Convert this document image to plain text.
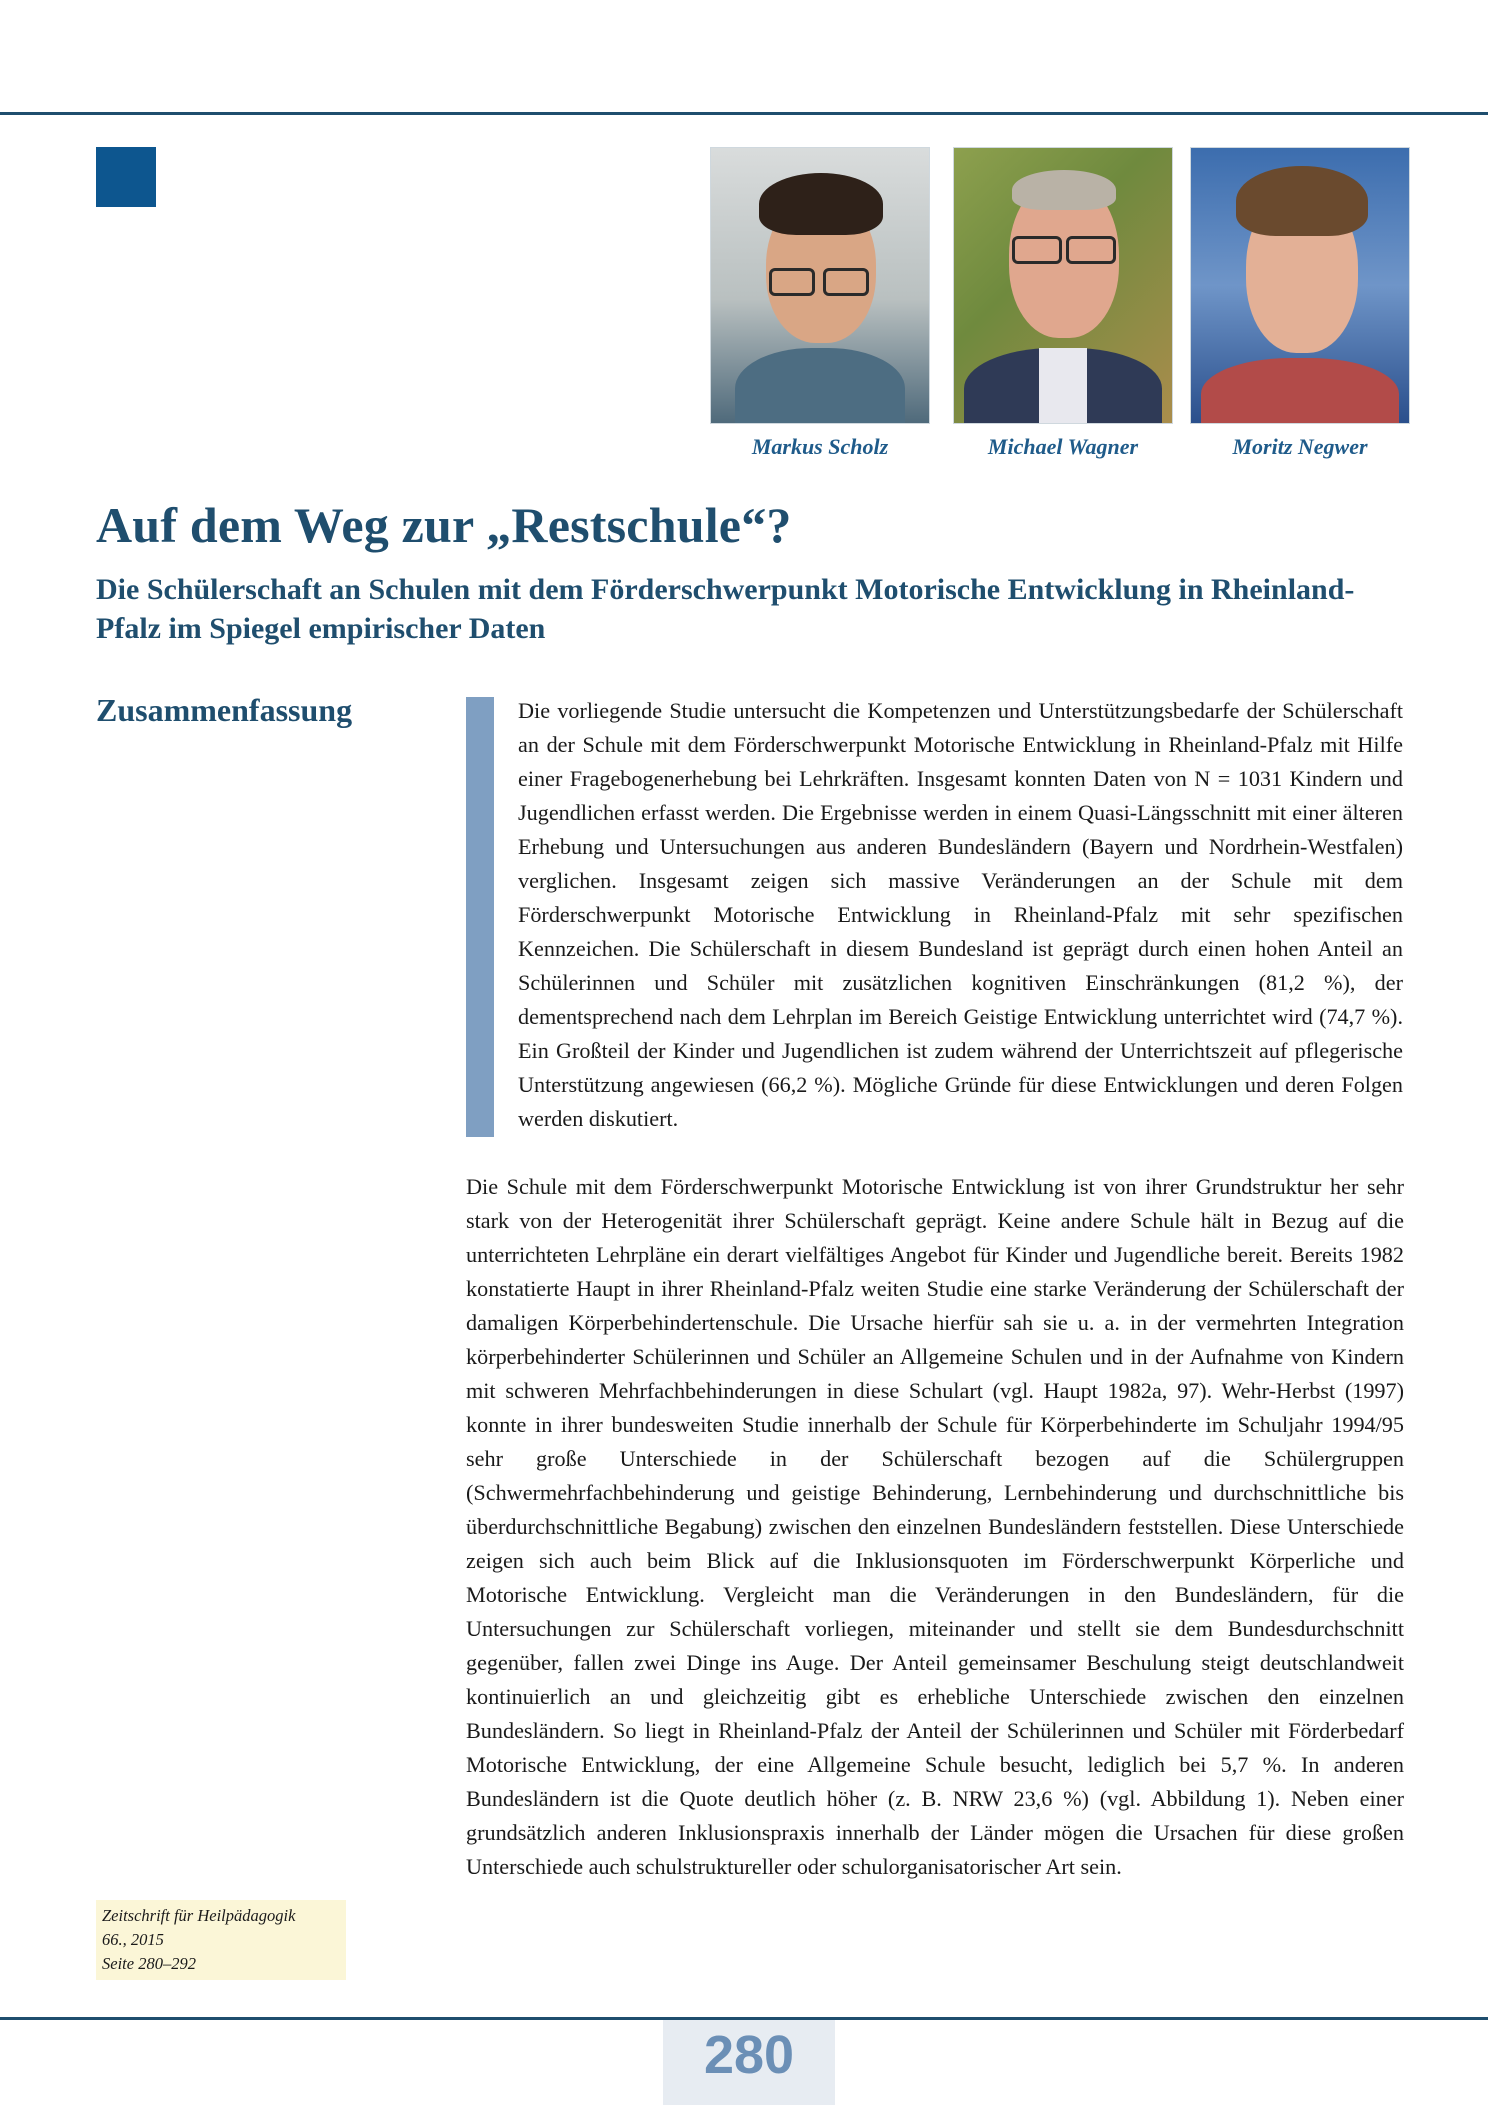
Markus Scholz	Michael Wagner	Moritz Negwer
Auf dem Weg zur „Restschule“?
Die Schülerschaft an Schulen mit dem Förderschwerpunkt Motorische Entwicklung in Rheinland-Pfalz im Spiegel empirischer Daten
Zusammenfassung	Die vorliegende Studie untersucht die Kompetenzen und Unterstützungsbedarfe der Schülerschaft an der Schule mit dem Förderschwerpunkt Motorische Entwicklung in Rheinland-Pfalz mit Hilfe einer Fragebogenerhebung bei Lehrkräften. Insgesamt konnten Daten von N = 1031 Kindern und Jugendlichen erfasst werden. Die Ergebnisse werden in einem Quasi-Längsschnitt mit einer älteren Erhebung und Untersuchungen aus anderen Bundesländern (Bayern und Nordrhein-Westfalen) verglichen. Insgesamt zeigen sich massive Veränderungen an der Schule mit dem Förderschwerpunkt Motorische Entwicklung in Rheinland-Pfalz mit sehr spezifischen Kennzeichen. Die Schülerschaft in diesem Bundesland ist geprägt durch einen hohen Anteil an Schülerinnen und Schüler mit zusätzlichen kognitiven Einschränkungen (81,2 %), der dementsprechend nach dem Lehrplan im Bereich Geistige Entwicklung unterrichtet wird (74,7 %). Ein Großteil der Kinder und Jugendlichen ist zudem während der Unterrichtszeit auf pflegerische Unterstützung angewiesen (66,2 %). Mögliche Gründe für diese Entwicklungen und deren Folgen werden diskutiert.

Die Schule mit dem Förderschwerpunkt Motorische Entwicklung ist von ihrer Grundstruktur her sehr stark von der Heterogenität ihrer Schülerschaft geprägt. Keine andere Schule hält in Bezug auf die unterrichteten Lehrpläne ein derart vielfältiges Angebot für Kinder und Jugendliche bereit. Bereits 1982 konstatierte Haupt in ihrer Rheinland-Pfalz weiten Studie eine starke Veränderung der Schülerschaft der damaligen Körperbehindertenschule. Die Ursache hierfür sah sie u. a. in der vermehrten Integration körperbehinderter Schülerinnen und Schüler an Allgemeine Schulen und in der Aufnahme von Kindern mit schweren Mehrfachbehinderungen in diese Schulart (vgl. Haupt 1982a, 97). Wehr-Herbst (1997) konnte in ihrer bundesweiten Studie innerhalb der Schule für Körperbehinderte im Schuljahr 1994/95 sehr große Unterschiede in der Schülerschaft bezogen auf die Schülergruppen (Schwermehrfachbehinderung und geistige Behinderung, Lernbehinderung und durchschnittliche bis überdurchschnittliche Begabung) zwischen den einzelnen Bundesländern feststellen. Diese Unterschiede zeigen sich auch beim Blick auf die Inklusionsquoten im Förderschwerpunkt Körperliche und Motorische Entwicklung. Vergleicht man die Veränderungen in den Bundesländern, für die Untersuchungen zur Schülerschaft vorliegen, miteinander und stellt sie dem Bundesdurchschnitt gegenüber, fallen zwei Dinge ins Auge. Der Anteil gemeinsamer Beschulung steigt deutschlandweit kontinuierlich an und gleichzeitig gibt es erhebliche Unterschiede zwischen den einzelnen Bundesländern. So liegt in Rheinland-Pfalz der Anteil der Schülerinnen und Schüler mit Förderbedarf Motorische Entwicklung, der eine Allgemeine Schule besucht, lediglich bei 5,7 %. In anderen Bundesländern ist die Quote deutlich höher (z. B. NRW 23,6 %) (vgl. Abbildung 1). Neben einer grundsätzlich anderen Inklusionspraxis innerhalb der Länder mögen die Ursachen für diese großen Unterschiede auch schulstruktureller oder schulorganisatorischer Art sein.

Zeitschrift für Heilpädagogik
66., 2015
Seite 280–292
280
